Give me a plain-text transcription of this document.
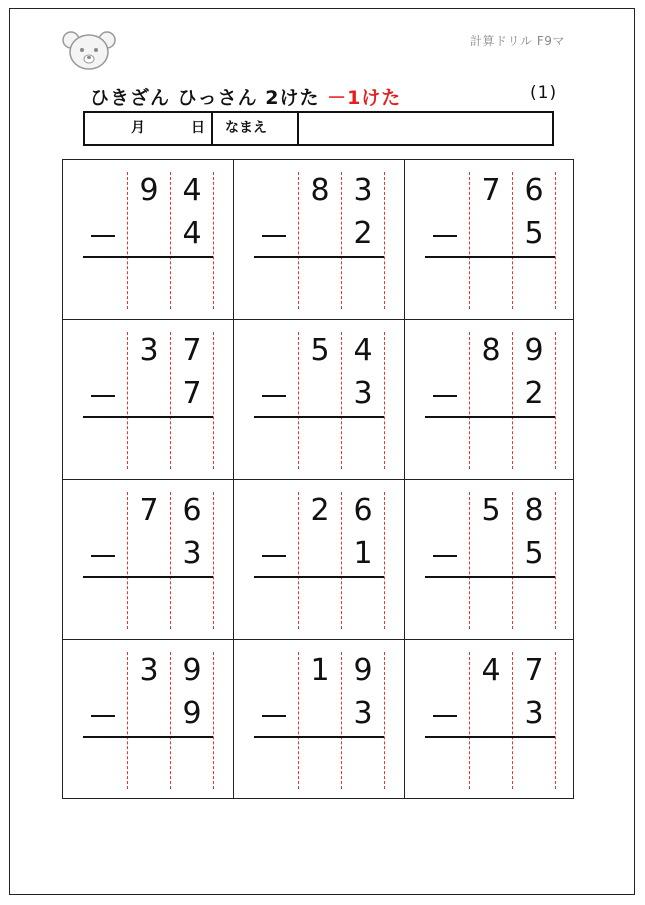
計算ドリル F9マ
ひきざん ひっさん 2けた －1けた	(1)
月	日 なまえ
9 4
4
8 3
2
7 6
5
3 7
7
5 4
3
8 9
2
7 6
3
2 6
1
5 8
5
3 9
9
1 9
3
4 7
3
